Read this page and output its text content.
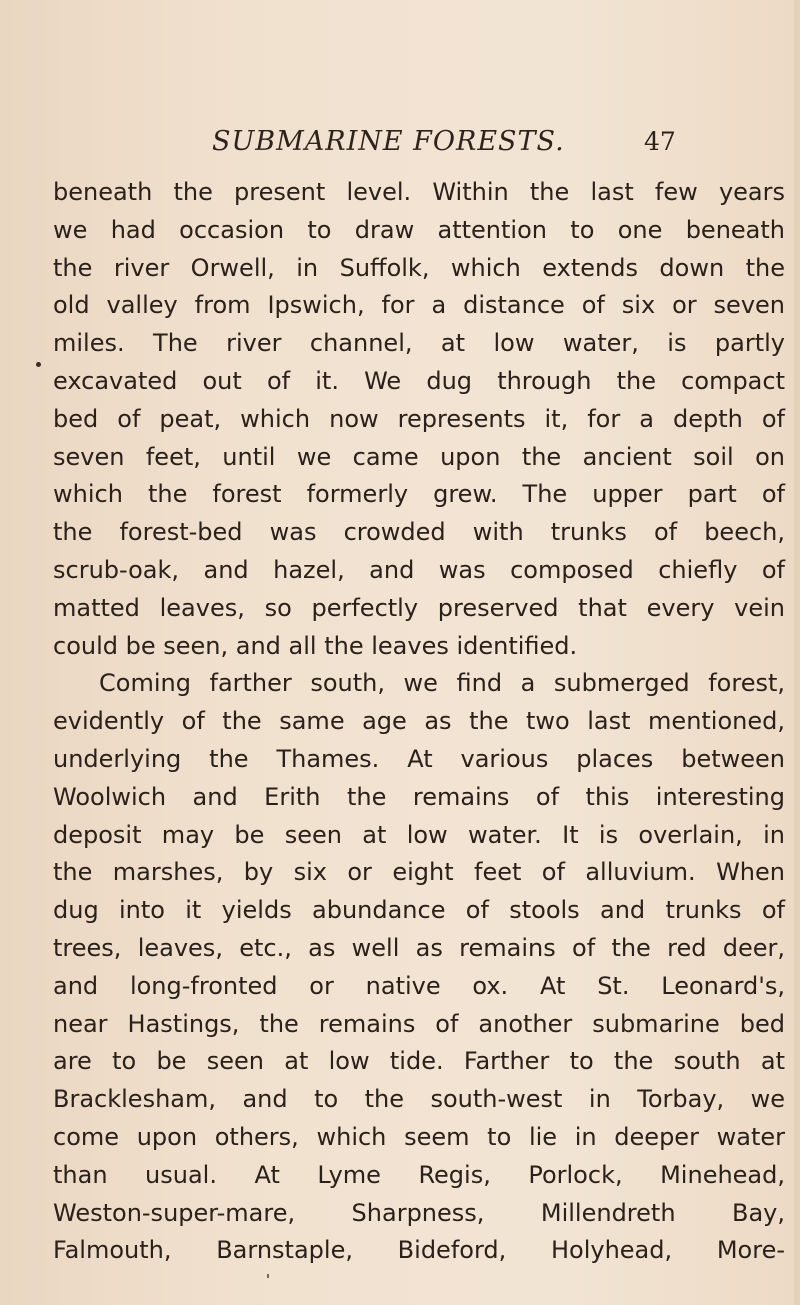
SUBMARINE FORESTS.	47
beneath the present level. Within the last few years
we had occasion to draw attention to one beneath
the river Orwell, in Suffolk, which extends down the
old valley from Ipswich, for a distance of six or seven
miles. The river channel, at low water, is partly
excavated out of it. We dug through the compact
bed of peat, which now represents it, for a depth of
seven feet, until we came upon the ancient soil on
which the forest formerly grew. The upper part of
the forest-bed was crowded with trunks of beech,
scrub-oak, and hazel, and was composed chiefly of
matted leaves, so perfectly preserved that every vein
could be seen, and all the leaves identified.
Coming farther south, we find a submerged forest,
evidently of the same age as the two last mentioned,
underlying the Thames. At various places between
Woolwich and Erith the remains of this interesting
deposit may be seen at low water. It is overlain, in
the marshes, by six or eight feet of alluvium. When
dug into it yields abundance of stools and trunks of
trees, leaves, etc., as well as remains of the red deer,
and long-fronted or native ox. At St. Leonard's,
near Hastings, the remains of another submarine bed
are to be seen at low tide. Farther to the south at
Bracklesham, and to the south-west in Torbay, we
come upon others, which seem to lie in deeper water
than usual. At Lyme Regis, Porlock, Minehead,
Weston-super-mare, Sharpness, Millendreth Bay,
Falmouth, Barnstaple, Bideford, Holyhead, More-
